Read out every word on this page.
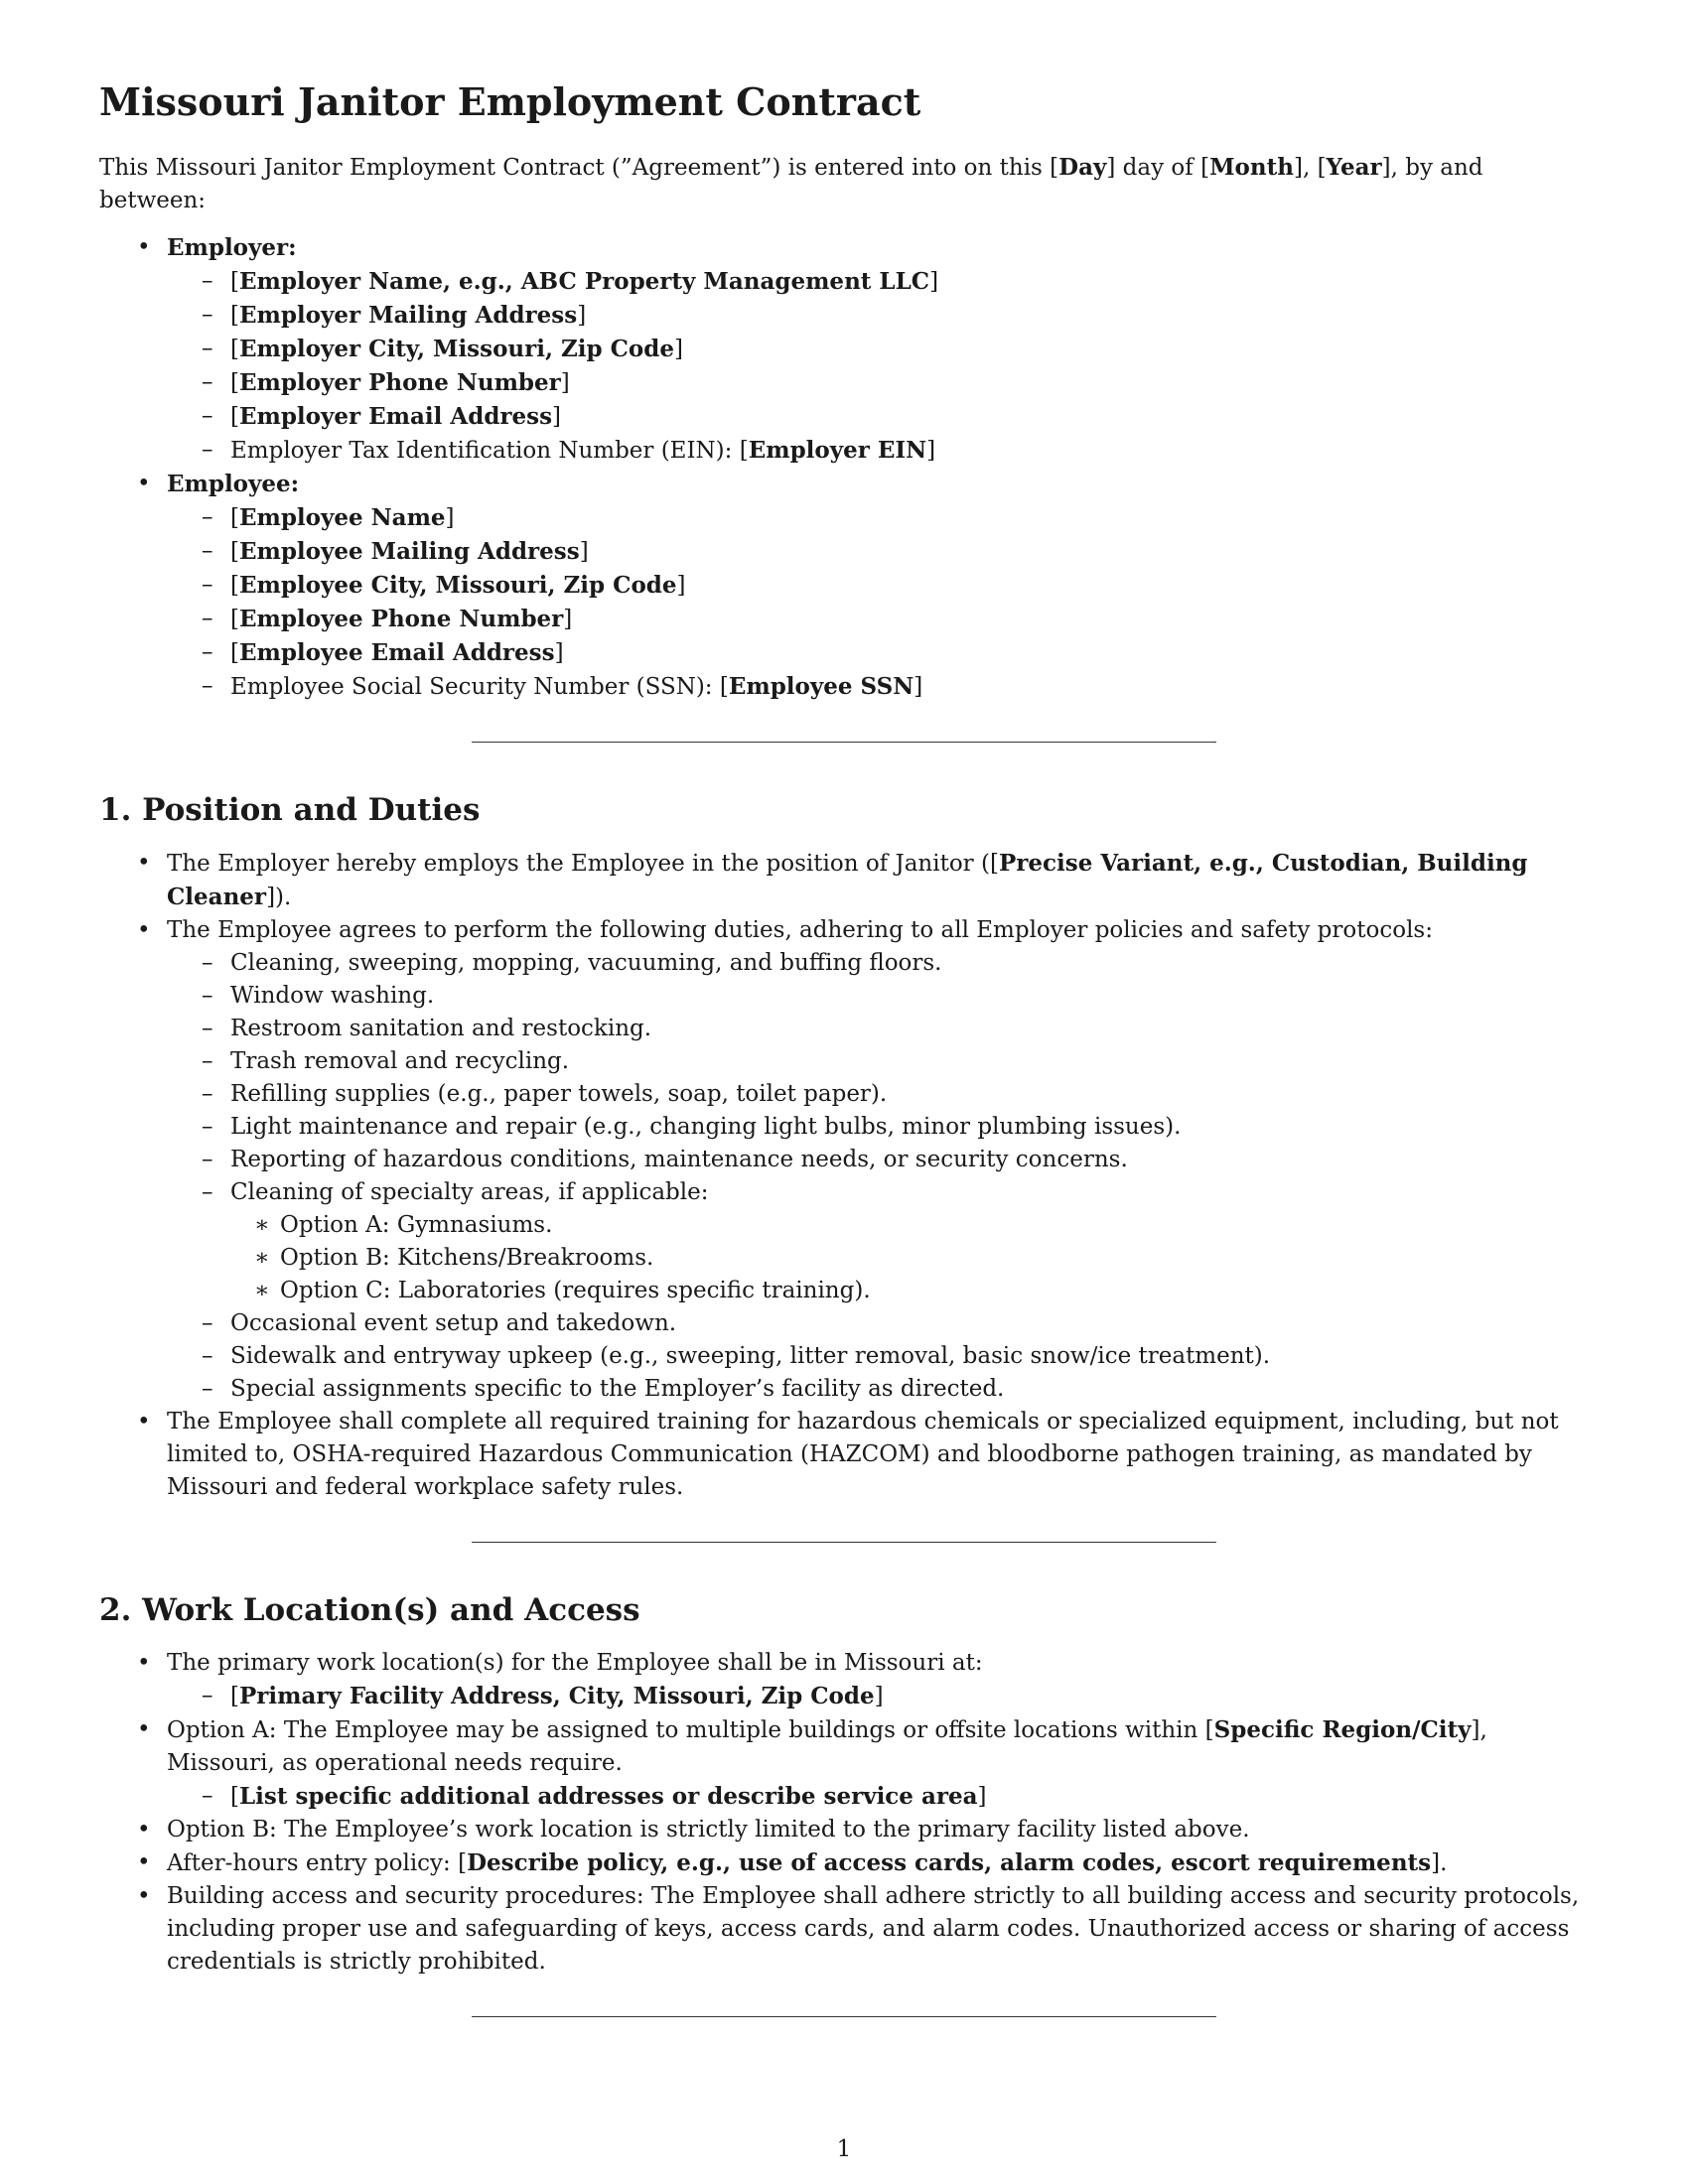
Missouri Janitor Employment Contract

This Missouri Janitor Employment Contract (”Agreement”) is entered into on this [Day] day of [Month], [Year], by and between:

• Employer:
– [Employer Name, e.g., ABC Property Management LLC]
– [Employer Mailing Address]
– [Employer City, Missouri, Zip Code]
– [Employer Phone Number]
– [Employer Email Address]
– Employer Tax Identification Number (EIN): [Employer EIN]
• Employee:
– [Employee Name]
– [Employee Mailing Address]
– [Employee City, Missouri, Zip Code]
– [Employee Phone Number]
– [Employee Email Address]
– Employee Social Security Number (SSN): [Employee SSN]
1. Position and Duties
• The Employer hereby employs the Employee in the position of Janitor ([Precise Variant, e.g., Custodian, Building Cleaner]).
• The Employee agrees to perform the following duties, adhering to all Employer policies and safety protocols:
– Cleaning, sweeping, mopping, vacuuming, and buffing floors.
– Window washing.
– Restroom sanitation and restocking.
– Trash removal and recycling.
– Refilling supplies (e.g., paper towels, soap, toilet paper).
– Light maintenance and repair (e.g., changing light bulbs, minor plumbing issues).
– Reporting of hazardous conditions, maintenance needs, or security concerns.
– Cleaning of specialty areas, if applicable:
∗ Option A: Gymnasiums.
∗ Option B: Kitchens/Breakrooms.
∗ Option C: Laboratories (requires specific training).
– Occasional event setup and takedown.
– Sidewalk and entryway upkeep (e.g., sweeping, litter removal, basic snow/ice treatment).
– Special assignments specific to the Employer’s facility as directed.
• The Employee shall complete all required training for hazardous chemicals or specialized equipment, including, but not limited to, OSHA-required Hazardous Communication (HAZCOM) and bloodborne pathogen training, as mandated by Missouri and federal workplace safety rules.
2. Work Location(s) and Access
• The primary work location(s) for the Employee shall be in Missouri at:
– [Primary Facility Address, City, Missouri, Zip Code]
• Option A: The Employee may be assigned to multiple buildings or offsite locations within [Specific Region/City], Missouri, as operational needs require.
– [List specific additional addresses or describe service area]
• Option B: The Employee’s work location is strictly limited to the primary facility listed above.
• After-hours entry policy: [Describe policy, e.g., use of access cards, alarm codes, escort requirements].
• Building access and security procedures: The Employee shall adhere strictly to all building access and security protocols, including proper use and safeguarding of keys, access cards, and alarm codes. Unauthorized access or sharing of access credentials is strictly prohibited.
1
